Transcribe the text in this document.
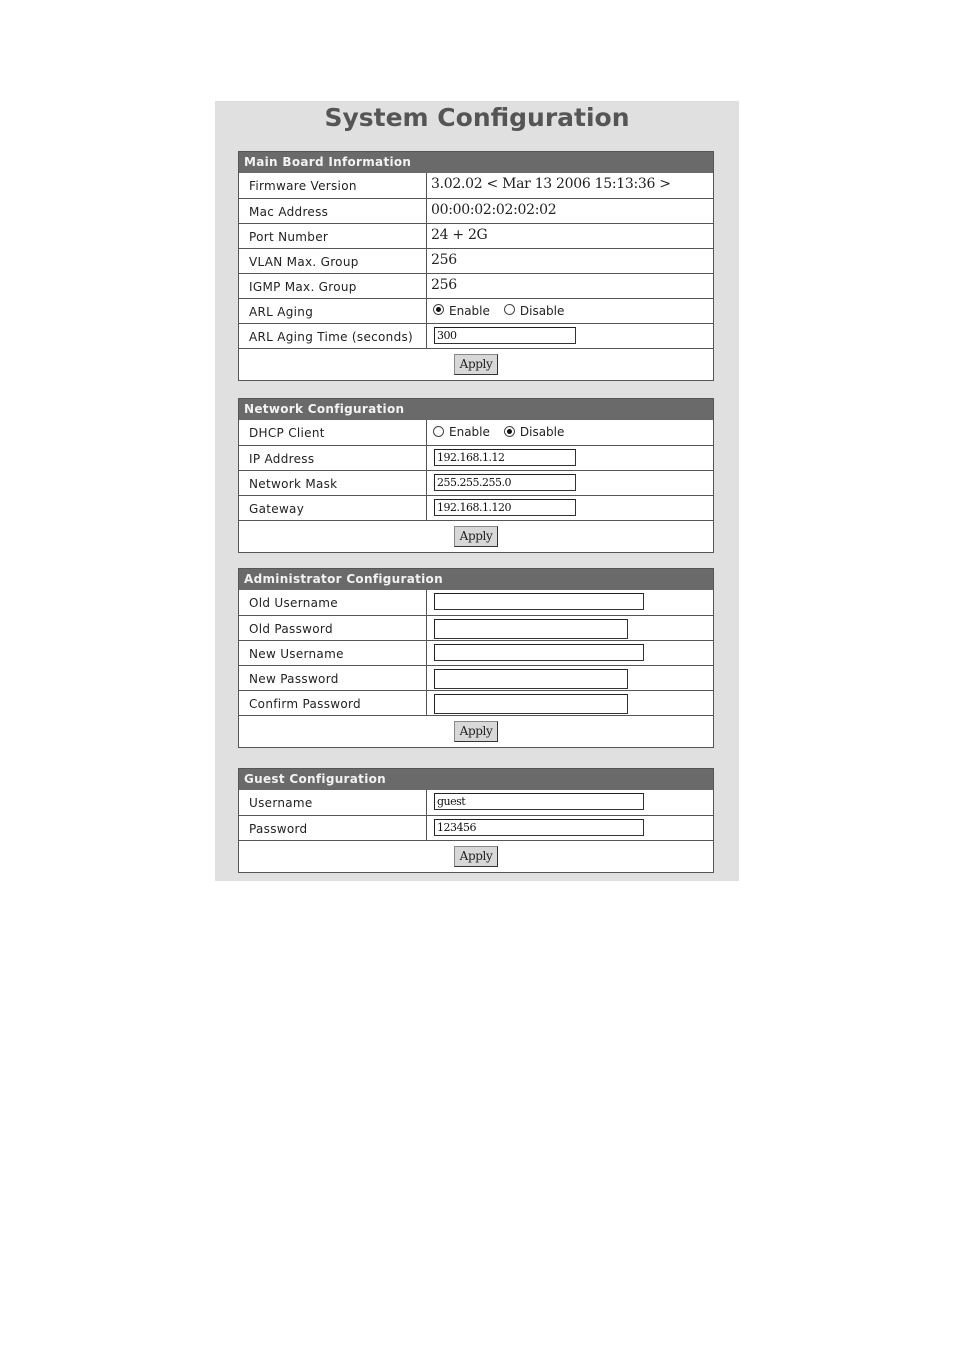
System Configuration
Main Board Information
Firmware Version	3.02.02 < Mar 13 2006 15:13:36 >
Mac Address	00:00:02:02:02:02
Port Number	24 + 2G
VLAN Max. Group	256
IGMP Max. Group	256
ARL Aging	Enable	Disable
ARL Aging Time (seconds)	300
Apply
Network Configuration
DHCP Client	Enable	Disable
IP Address	192.168.1.12
Network Mask	255.255.255.0
Gateway	192.168.1.120
Apply
Administrator Configuration
Old Username
Old Password
New Username
New Password
Confirm Password
Apply
Guest Configuration
Username	guest
Password	123456
Apply
